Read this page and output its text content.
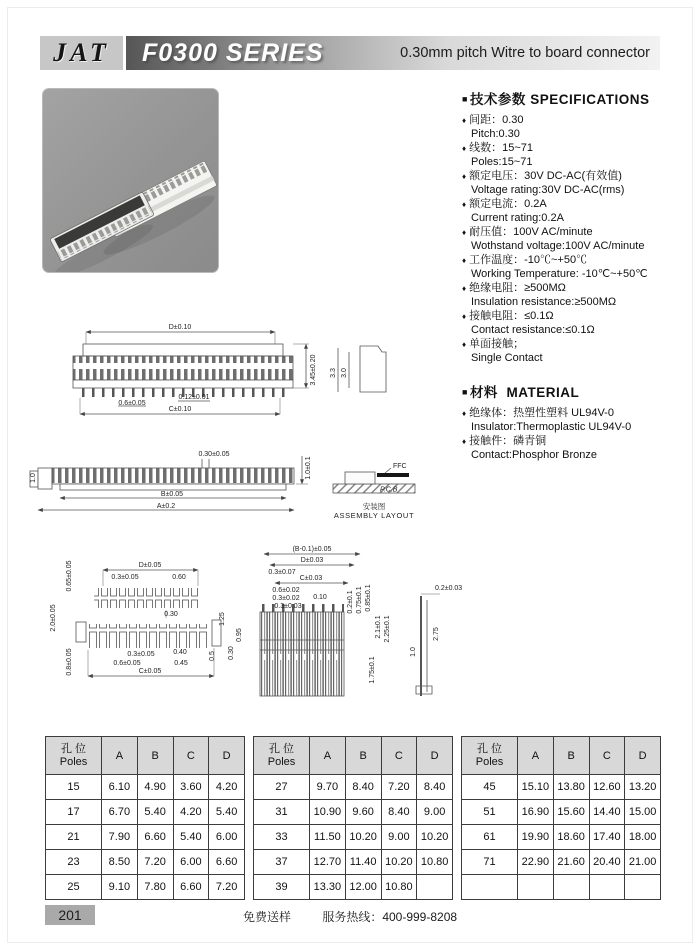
JAT	F0300 SERIES	0.30mm pitch Witre to board connector
■ 技术参数 SPECIFICATIONS
♦ 间距：0.30
Pitch:0.30
♦ 线数：15~71
Poles:15~71
♦ 额定电压：30V DC-AC(有效值)
Voltage rating:30V DC-AC(rms)
♦ 额定电流：0.2A
Current rating:0.2A
♦ 耐压值：100V AC/minute
Wothstand voltage:100V AC/minute
♦ 工作温度：-10℃~+50℃
Working Temperature: -10℃~+50℃
♦ 绝缘电阻：≥500MΩ
Insulation resistance:≥500MΩ
♦ 接触电阻：≤0.1Ω
Contact resistance:≤0.1Ω
♦ 单面接触；
Single Contact
■ 材料 MATERIAL
♦ 绝缘体：热塑性塑料 UL94V-0
Insulator:Thermoplastic UL94V-0
♦ 接触件：磷青铜
Contact:Phosphor Bronze
D±0.10
3.45±0.20
0.6±0.05
0.12±0.01
C±0.10
3.3 3.0
0.30±0.05
1.0±0.1
1.0
B±0.05
A±0.2
FFC
P.C.B
安装图
ASSEMBLY LAYOUT
D±0.05
0.3±0.05	0.60
0.30
0.65±0.05
2.0±0.05
0.8±0.05	0.3±0.05	0.40
0.6±0.05	0.45
C±0.05
1.25
0.95
0.30
0.5
(B-0.1)±0.05
D±0.03
0.3±0.07
C±0.03
0.6±0.02
0.3±0.02
0.3±0.03
0.10	0.2±0.1 0.75±0.1 0.85±0.1
2.1±0.1 2.25±0.1
1.75±0.1
0.2±0.03
2.75
1.0
孔 位
Poles	A	B	C	D
15	6.10	4.90	3.60	4.20
17	6.70	5.40	4.20	5.40
21	7.90	6.60	5.40	6.00
23	8.50	7.20	6.00	6.60
25	9.10	7.80	6.60	7.20
孔 位
Poles	A	B	C	D
27	9.70	8.40	7.20	8.40
31	10.90	9.60	8.40	9.00
33	11.50	10.20	9.00	10.20
37	12.70	11.40	10.20	10.80
39	13.30	12.00	10.80	
孔 位
Poles	A	B	C	D
45	15.10	13.80	12.60	13.20
51	16.90	15.60	14.40	15.00
61	19.90	18.60	17.40	18.00
71	22.90	21.60	20.40	21.00

201	免费送样	服务热线：400-999-8208
